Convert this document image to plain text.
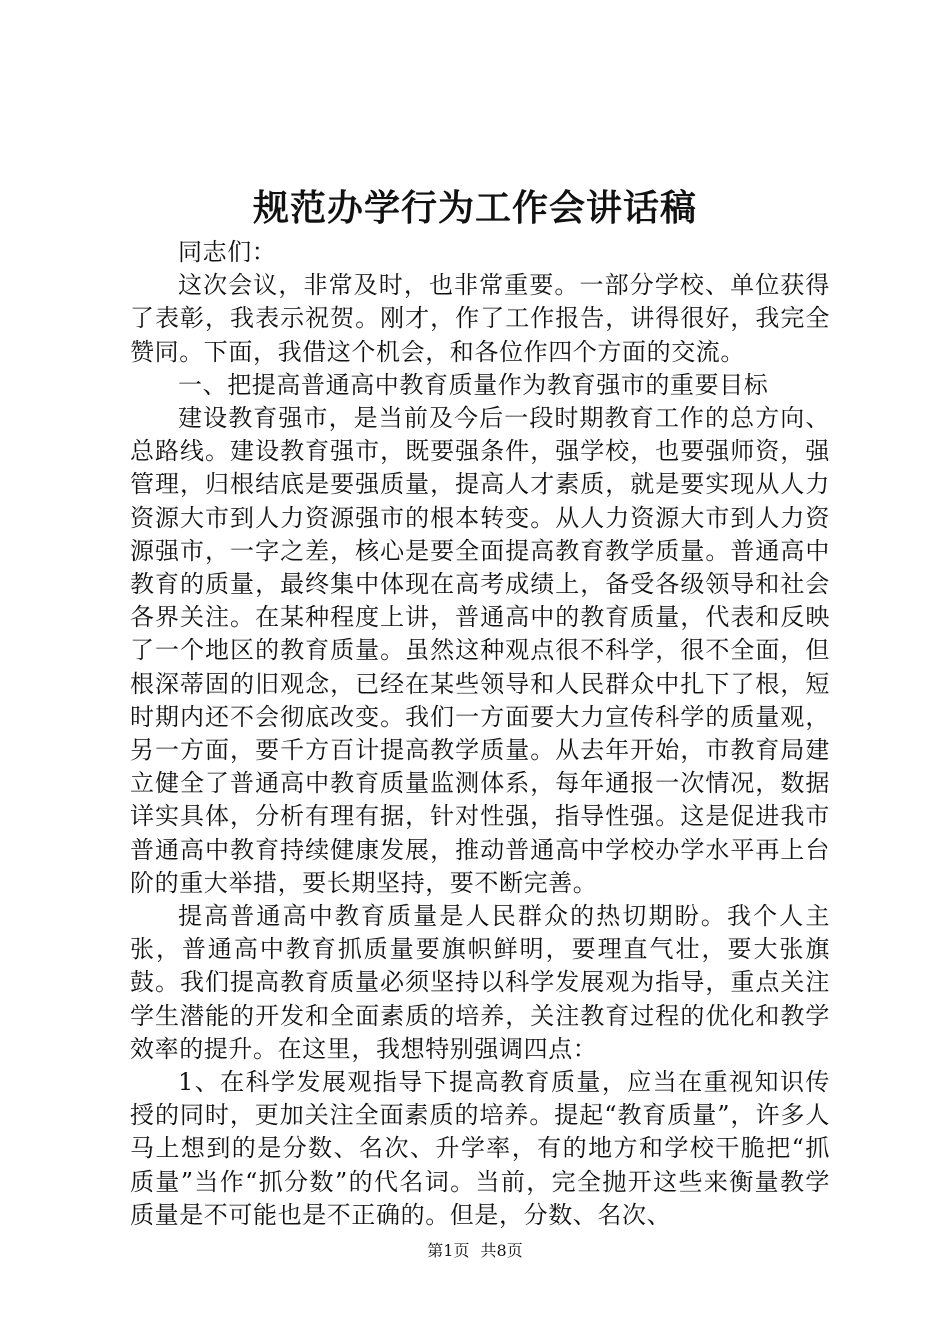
规范办学行为工作会讲话稿

同志们：

这次会议，非常及时，也非常重要。一部分学校、单位获得了表彰，我表示祝贺。刚才，作了工作报告，讲得很好，我完全赞同。下面，我借这个机会，和各位作四个方面的交流。

一、把提高普通高中教育质量作为教育强市的重要目标

建设教育强市，是当前及今后一段时期教育工作的总方向、总路线。建设教育强市，既要强条件，强学校，也要强师资，强管理，归根结底是要强质量，提高人才素质，就是要实现从人力资源大市到人力资源强市的根本转变。从人力资源大市到人力资源强市，一字之差，核心是要全面提高教育教学质量。普通高中教育的质量，最终集中体现在高考成绩上，备受各级领导和社会各界关注。在某种程度上讲，普通高中的教育质量，代表和反映了一个地区的教育质量。虽然这种观点很不科学，很不全面，但根深蒂固的旧观念，已经在某些领导和人民群众中扎下了根，短时期内还不会彻底改变。我们一方面要大力宣传科学的质量观，另一方面，要千方百计提高教学质量。从去年开始，市教育局建立健全了普通高中教育质量监测体系，每年通报一次情况，数据详实具体，分析有理有据，针对性强，指导性强。这是促进我市普通高中教育持续健康发展，推动普通高中学校办学水平再上台阶的重大举措，要长期坚持，要不断完善。

提高普通高中教育质量是人民群众的热切期盼。我个人主张，普通高中教育抓质量要旗帜鲜明，要理直气壮，要大张旗鼓。我们提高教育质量必须坚持以科学发展观为指导，重点关注学生潜能的开发和全面素质的培养，关注教育过程的优化和教学效率的提升。在这里，我想特别强调四点：

1、在科学发展观指导下提高教育质量，应当在重视知识传授的同时，更加关注全面素质的培养。提起“教育质量”，许多人马上想到的是分数、名次、升学率，有的地方和学校干脆把“抓质量”当作“抓分数”的代名词。当前，完全抛开这些来衡量教学质量是不可能也是不正确的。但是，分数、名次、

第1页 共8页
